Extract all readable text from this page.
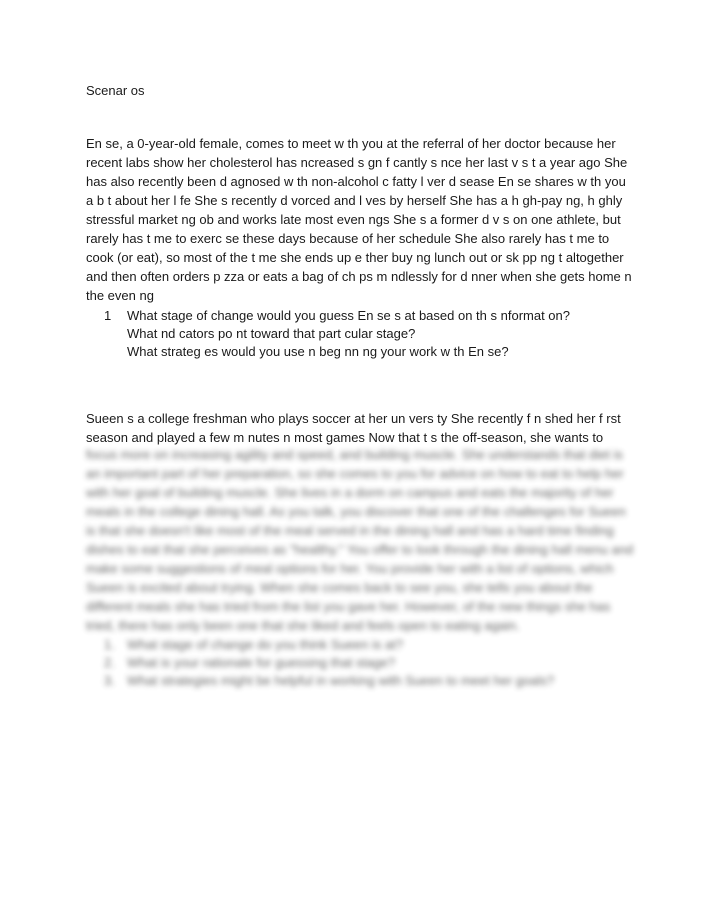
Scenar os
En se, a 0-year-old female, comes to meet w th you at the referral of her doctor because her recent labs show her cholesterol has ncreased s gn f cantly s nce her last v s t a year ago She has also recently been d agnosed w th non-alcohol c fatty l ver d sease En se shares w th you a b t about her l fe She s recently d vorced and l ves by herself She has a h gh-pay ng, h ghly stressful market ng ob and works late most even ngs She s a former d v s on one athlete, but rarely has t me to exerc se these days because of her schedule She also rarely has t me to cook (or eat), so most of the t me she ends up e ther buy ng lunch out or sk pp ng t altogether and then often orders p zza or eats a bag of ch ps m ndlessly for d nner when she gets home n the even ng
1	What stage of change would you guess En se s at based on th s nformat on?
What nd cators po nt toward that part cular stage?
What strateg es would you use n beg nn ng your work w th En se?
Sueen s a college freshman who plays soccer at her un vers ty She recently f n shed her f rst season and played a few m nutes n most games Now that t s the off-season, she wants to
focus more on increasing agility and speed, and building muscle. She understands that diet is an important part of her preparation, so she comes to you for advice on how to eat to help her with her goal of building muscle. She lives in a dorm on campus and eats the majority of her meals in the college dining hall. As you talk, you discover that one of the challenges for Sueen is that she doesn't like most of the meal served in the dining hall and has a hard time finding dishes to eat that she perceives as "healthy." You offer to look through the dining hall menu and make some suggestions of meal options for her. You provide her with a list of options, which Sueen is excited about trying. When she comes back to see you, she tells you about the different meals she has tried from the list you gave her. However, of the new things she has tried, there has only been one that she liked and feels open to eating again.
1. What stage of change do you think Sueen is at?
2. What is your rationale for guessing that stage?
3. What strategies might be helpful in working with Sueen to meet her goals?
